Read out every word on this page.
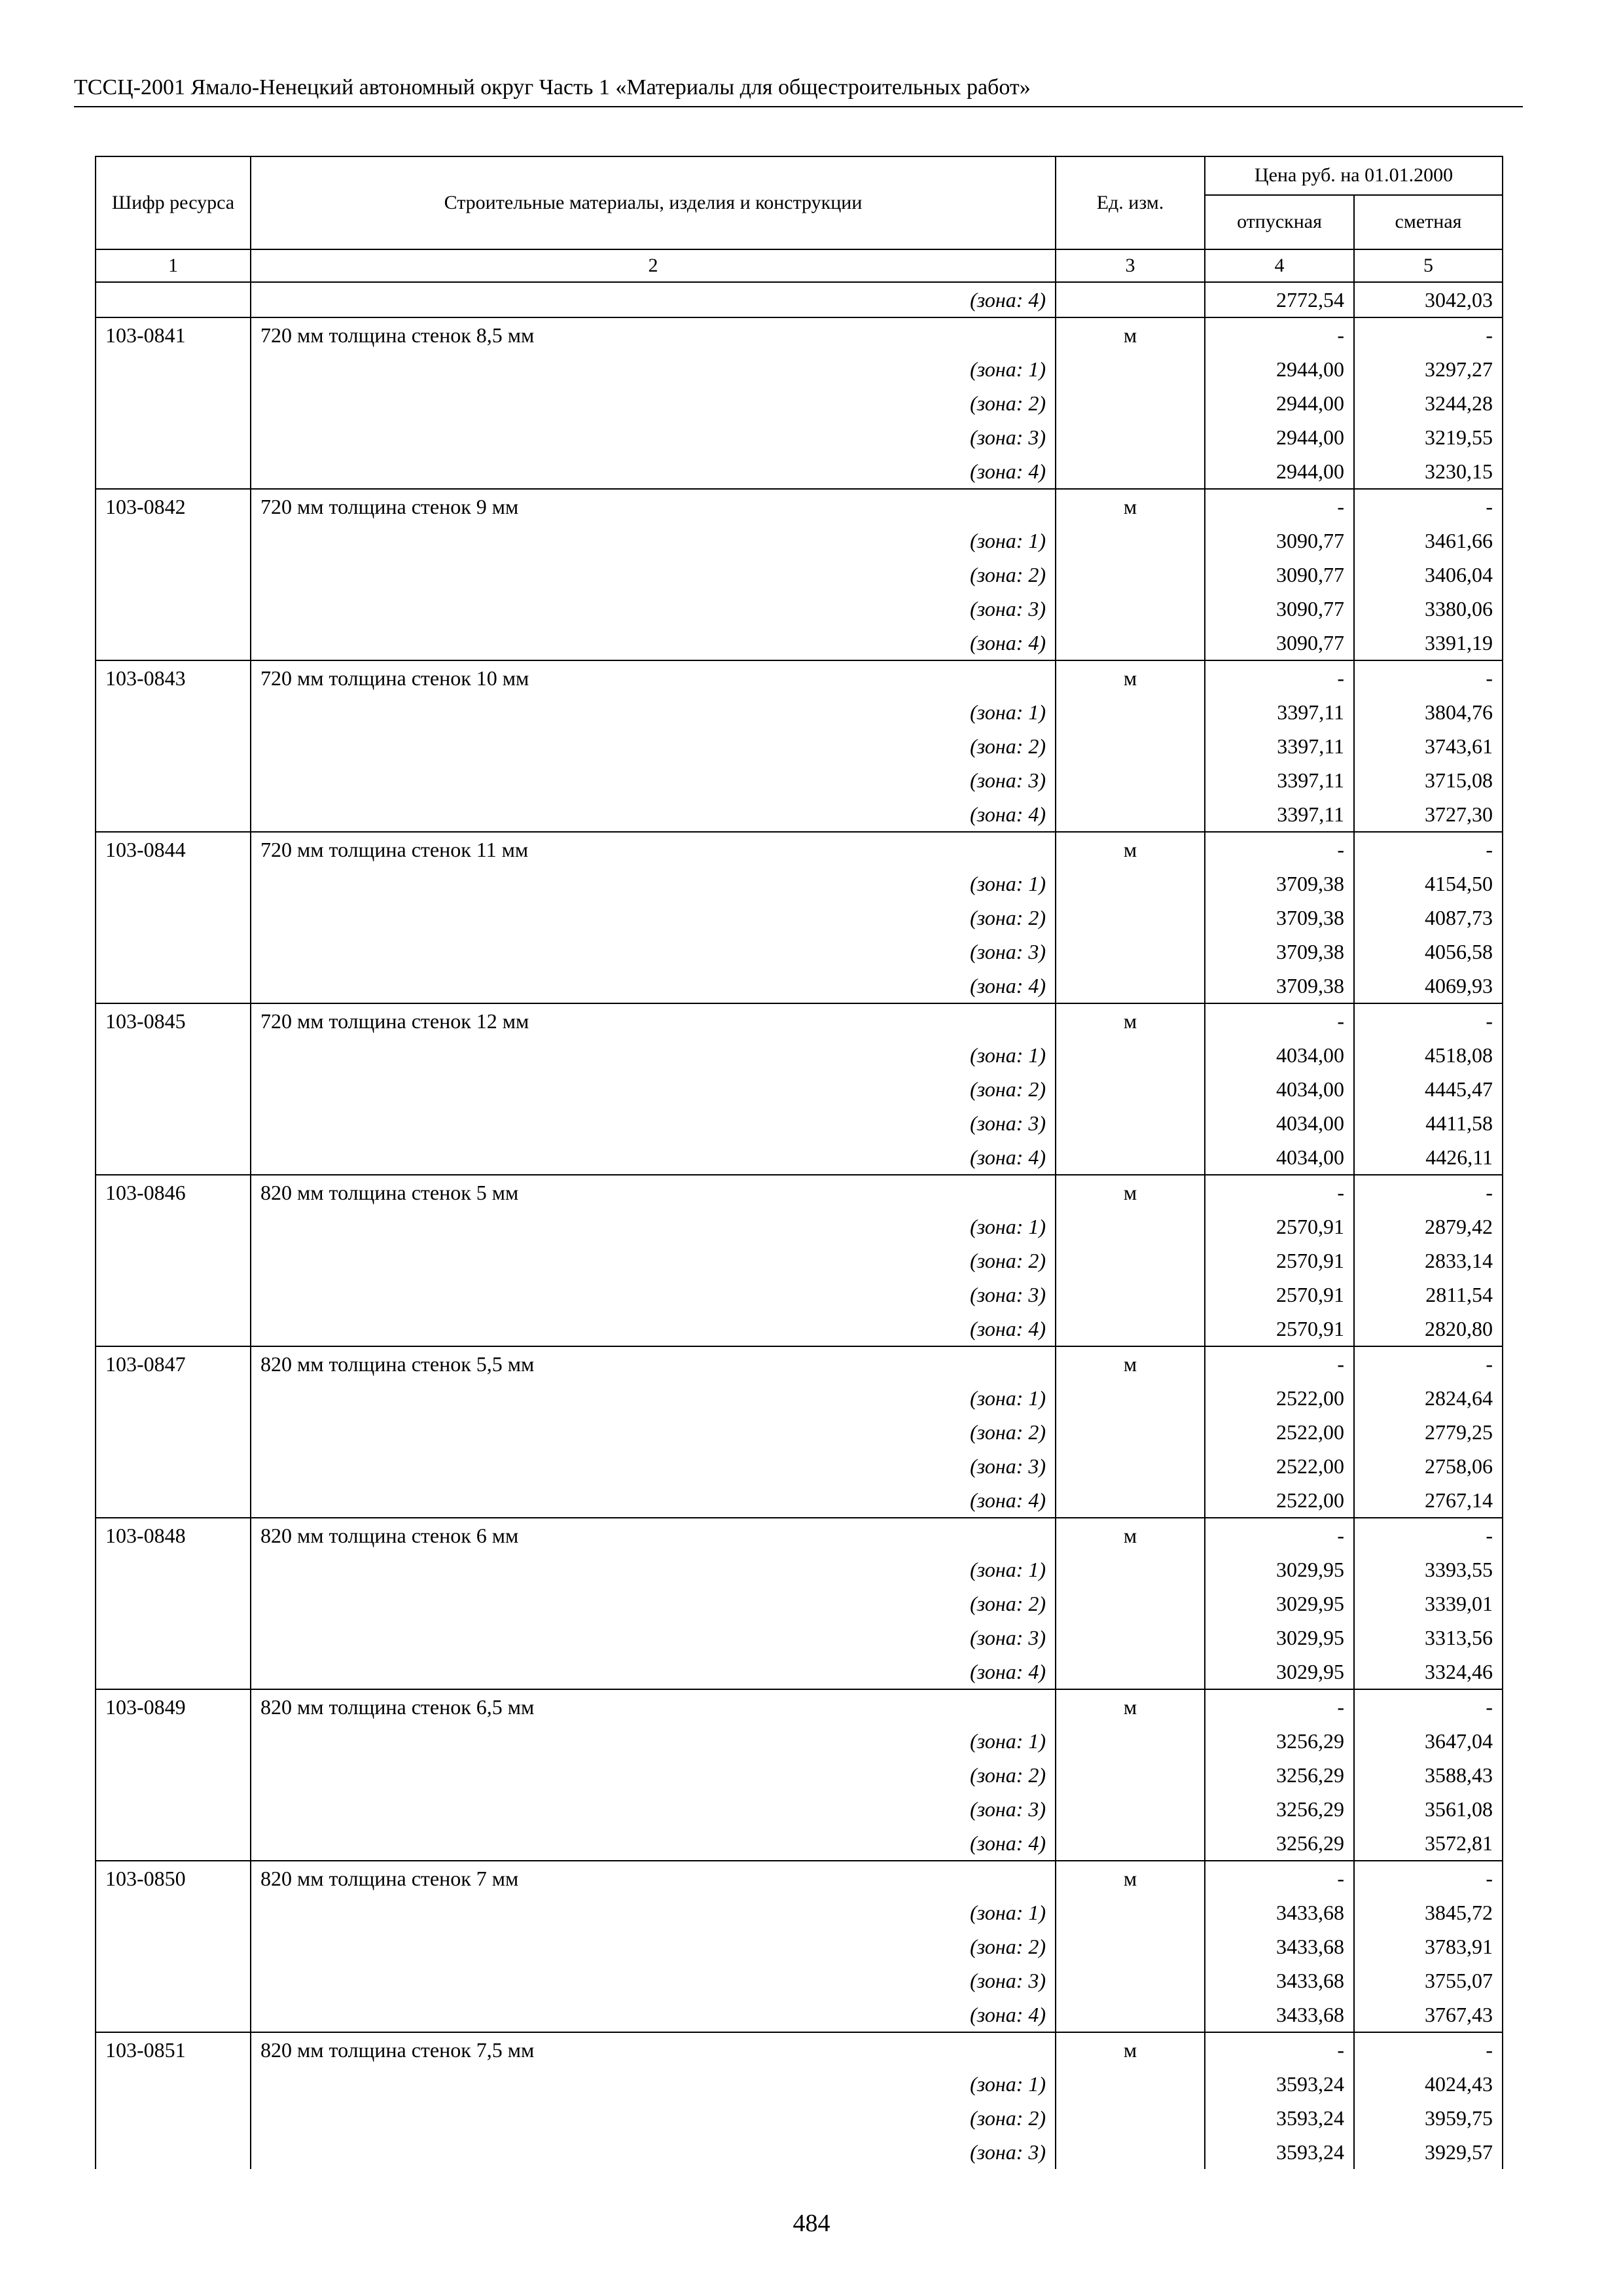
ТССЦ-2001 Ямало-Ненецкий автономный округ Часть 1 «Материалы для общестроительных работ»
Шифр ресурса	Строительные материалы, изделия и конструкции	Ед. изм.	Цена руб. на 01.01.2000	
			отпускная	сметная
1	2	3	4	5
	(зона: 4)		2772,54	3042,03
103-0841	720 мм толщина стенок 8,5 мм	м	-	-
	(зона: 1)		2944,00	3297,27
	(зона: 2)		2944,00	3244,28
	(зона: 3)		2944,00	3219,55
	(зона: 4)		2944,00	3230,15
103-0842	720 мм толщина стенок 9 мм	м	-	-
	(зона: 1)		3090,77	3461,66
	(зона: 2)		3090,77	3406,04
	(зона: 3)		3090,77	3380,06
	(зона: 4)		3090,77	3391,19
103-0843	720 мм толщина стенок 10 мм	м	-	-
	(зона: 1)		3397,11	3804,76
	(зона: 2)		3397,11	3743,61
	(зона: 3)		3397,11	3715,08
	(зона: 4)		3397,11	3727,30
103-0844	720 мм толщина стенок 11 мм	м	-	-
	(зона: 1)		3709,38	4154,50
	(зона: 2)		3709,38	4087,73
	(зона: 3)		3709,38	4056,58
	(зона: 4)		3709,38	4069,93
103-0845	720 мм толщина стенок 12 мм	м	-	-
	(зона: 1)		4034,00	4518,08
	(зона: 2)		4034,00	4445,47
	(зона: 3)		4034,00	4411,58
	(зона: 4)		4034,00	4426,11
103-0846	820 мм толщина стенок 5 мм	м	-	-
	(зона: 1)		2570,91	2879,42
	(зона: 2)		2570,91	2833,14
	(зона: 3)		2570,91	2811,54
	(зона: 4)		2570,91	2820,80
103-0847	820 мм толщина стенок 5,5 мм	м	-	-
	(зона: 1)		2522,00	2824,64
	(зона: 2)		2522,00	2779,25
	(зона: 3)		2522,00	2758,06
	(зона: 4)		2522,00	2767,14
103-0848	820 мм толщина стенок 6 мм	м	-	-
	(зона: 1)		3029,95	3393,55
	(зона: 2)		3029,95	3339,01
	(зона: 3)		3029,95	3313,56
	(зона: 4)		3029,95	3324,46
103-0849	820 мм толщина стенок 6,5 мм	м	-	-
	(зона: 1)		3256,29	3647,04
	(зона: 2)		3256,29	3588,43
	(зона: 3)		3256,29	3561,08
	(зона: 4)		3256,29	3572,81
103-0850	820 мм толщина стенок 7 мм	м	-	-
	(зона: 1)		3433,68	3845,72
	(зона: 2)		3433,68	3783,91
	(зона: 3)		3433,68	3755,07
	(зона: 4)		3433,68	3767,43
103-0851	820 мм толщина стенок 7,5 мм	м	-	-
	(зона: 1)		3593,24	4024,43
	(зона: 2)		3593,24	3959,75
	(зона: 3)		3593,24	3929,57
484
